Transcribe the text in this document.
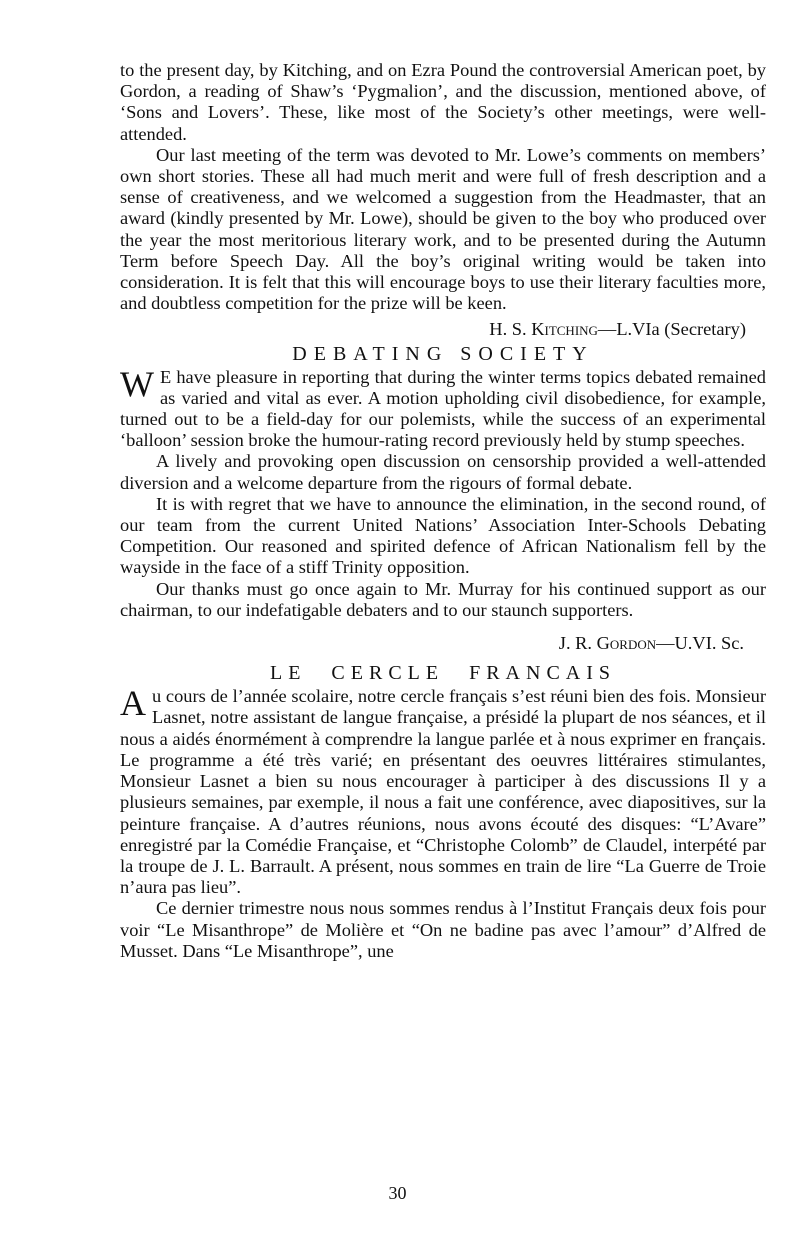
to the present day, by Kitching, and on Ezra Pound the controversial American poet, by Gordon, a reading of Shaw’s ‘Pygmalion’, and the discussion, mentioned above, of ‘Sons and Lovers’. These, like most of the Society’s other meetings, were well-attended.

Our last meeting of the term was devoted to Mr. Lowe’s comments on members’ own short stories. These all had much merit and were full of fresh description and a sense of creativeness, and we welcomed a suggestion from the Headmaster, that an award (kindly presented by Mr. Lowe), should be given to the boy who produced over the year the most meritorious literary work, and to be presented during the Autumn Term before Speech Day. All the boy’s original writing would be taken into consideration. It is felt that this will encourage boys to use their literary faculties more, and doubtless competition for the prize will be keen.

H. S. Kitching—L.VIa (Secretary)
DEBATING SOCIETY

W E have pleasure in reporting that during the winter terms topics debated remained as varied and vital as ever. A motion upholding civil disobedience, for example, turned out to be a field-day for our polemists, while the success of an experimental ‘balloon’ session broke the humour-rating record previously held by stump speeches.

A lively and provoking open discussion on censorship provided a well-attended diversion and a welcome departure from the rigours of formal debate.

It is with regret that we have to announce the elimination, in the second round, of our team from the current United Nations’ Association Inter-Schools Debating Competition. Our reasoned and spirited defence of African Nationalism fell by the wayside in the face of a stiff Trinity opposition.

Our thanks must go once again to Mr. Murray for his continued support as our chairman, to our indefatigable debaters and to our staunch supporters.

J. R. Gordon—U.VI. Sc.
LE CERCLE FRANCAIS

Au cours de l’année scolaire, notre cercle français s’est réuni bien des fois. Monsieur Lasnet, notre assistant de langue française, a présidé la plupart de nos séances, et il nous a aidés énormément à comprendre la langue parlée et à nous exprimer en français. Le programme a été très varié; en présentant des oeuvres littéraires stimulantes, Monsieur Lasnet a bien su nous encourager à participer à des discussions Il y a plusieurs semaines, par exemple, il nous a fait une conférence, avec diapositives, sur la peinture française. A d’autres réunions, nous avons écouté des disques: “L’Avare” enregistré par la Comédie Française, et “Christophe Colomb” de Claudel, interpété par la troupe de J. L. Barrault. A présent, nous sommes en train de lire “La Guerre de Troie n’aura pas lieu”.

Ce dernier trimestre nous nous sommes rendus à l’Institut Français deux fois pour voir “Le Misanthrope” de Molière et “On ne badine pas avec l’amour” d’Alfred de Musset. Dans “Le Misanthrope”, une

30
